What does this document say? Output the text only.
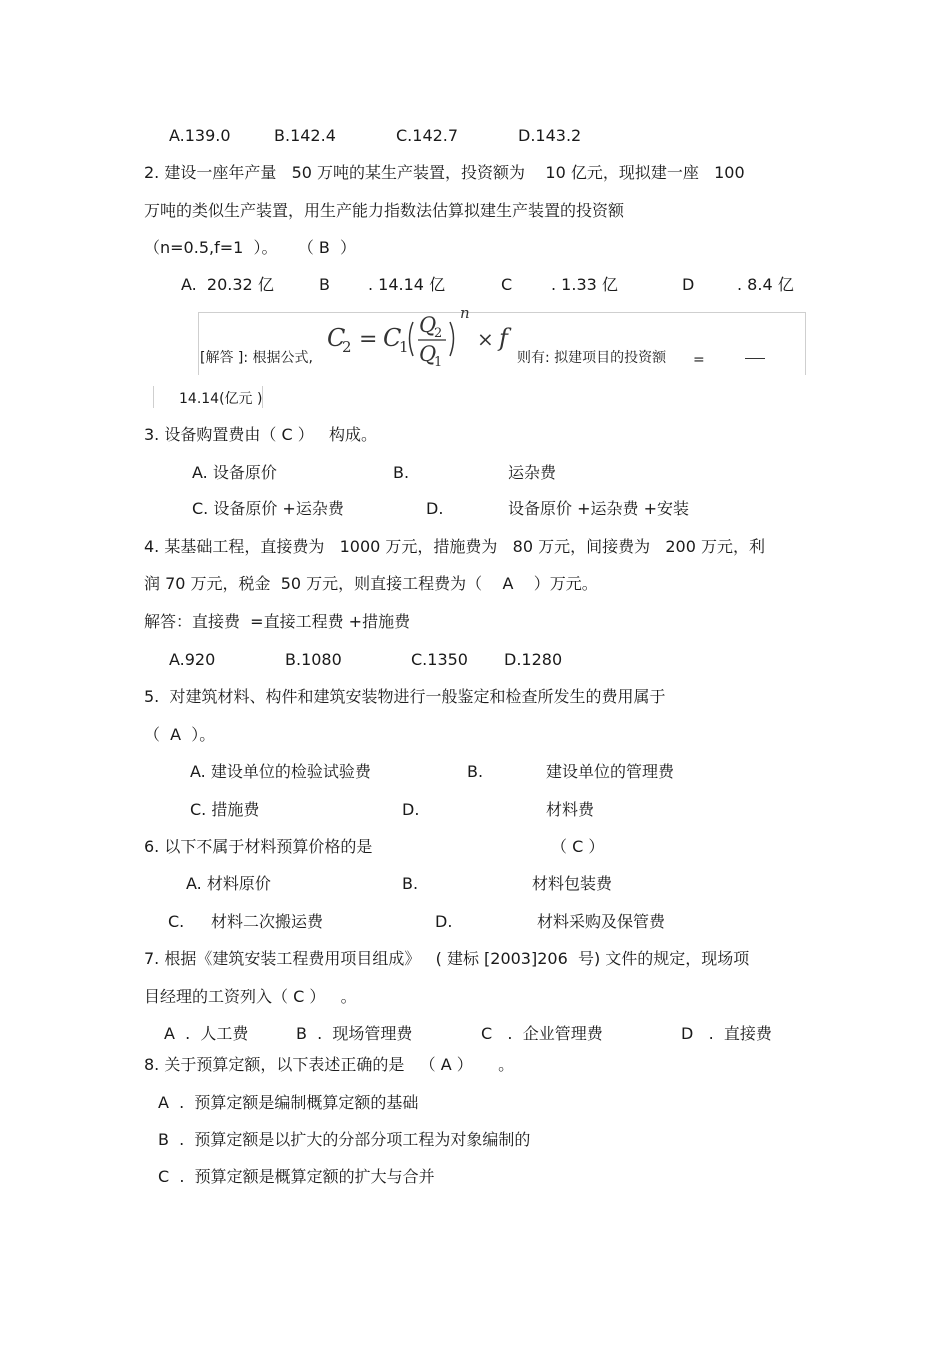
A.139.0	B.142.4	C.142.7	D.143.2
2. 建设一座年产量   50 万吨的某生产装置，投资额为    10 亿元，现拟建一座   100
万吨的类似生产装置，用生产能力指数法估算拟建生产装置的投资额
（n=0.5,f=1  ）。    （ B  ）
A.  20.32 亿	B . 14.14 亿	C . 1.33 亿	D	. 8.4 亿
[解答 ]: 根据公式,
C
2 = C
1
Q
2
Q
1
n
× f
则有: 拟建项目的投资额 =
14.14(亿元 )
3. 设备购置费由（ C ）   构成。
A. 设备原价	B.	运杂费
C. 设备原价 +运杂费	D.	设备原价 +运杂费 +安装
4. 某基础工程，直接费为   1000 万元，措施费为   80 万元，间接费为   200 万元，利
润 70 万元，税金  50 万元，则直接工程费为（    A    ）万元。
解答：直接费  =直接工程费 +措施费
A.920	B.1080	C.1350 D.1280
5.  对建筑材料、构件和建筑安装物进行一般鉴定和检查所发生的费用属于
（  A  ）。
A. 建设单位的检验试验费	B.	建设单位的管理费
C. 措施费	D.	材料费
6. 以下不属于材料预算价格的是	（ C ）
A. 材料原价	B.	材料包装费
C. 材料二次搬运费	D.	材料采购及保管费
7. 根据《建筑安装工程费用项目组成》   ( 建标 [2003]206  号) 文件的规定，现场项
目经理的工资列入（ C ）   。
A  .  人工费	B  .  现场管理费	C   .  企业管理费	D   .  直接费
8. 关于预算定额，以下表述正确的是   （ A ）     。
A  .  预算定额是编制概算定额的基础
B  .  预算定额是以扩大的分部分项工程为对象编制的
C  .  预算定额是概算定额的扩大与合并
